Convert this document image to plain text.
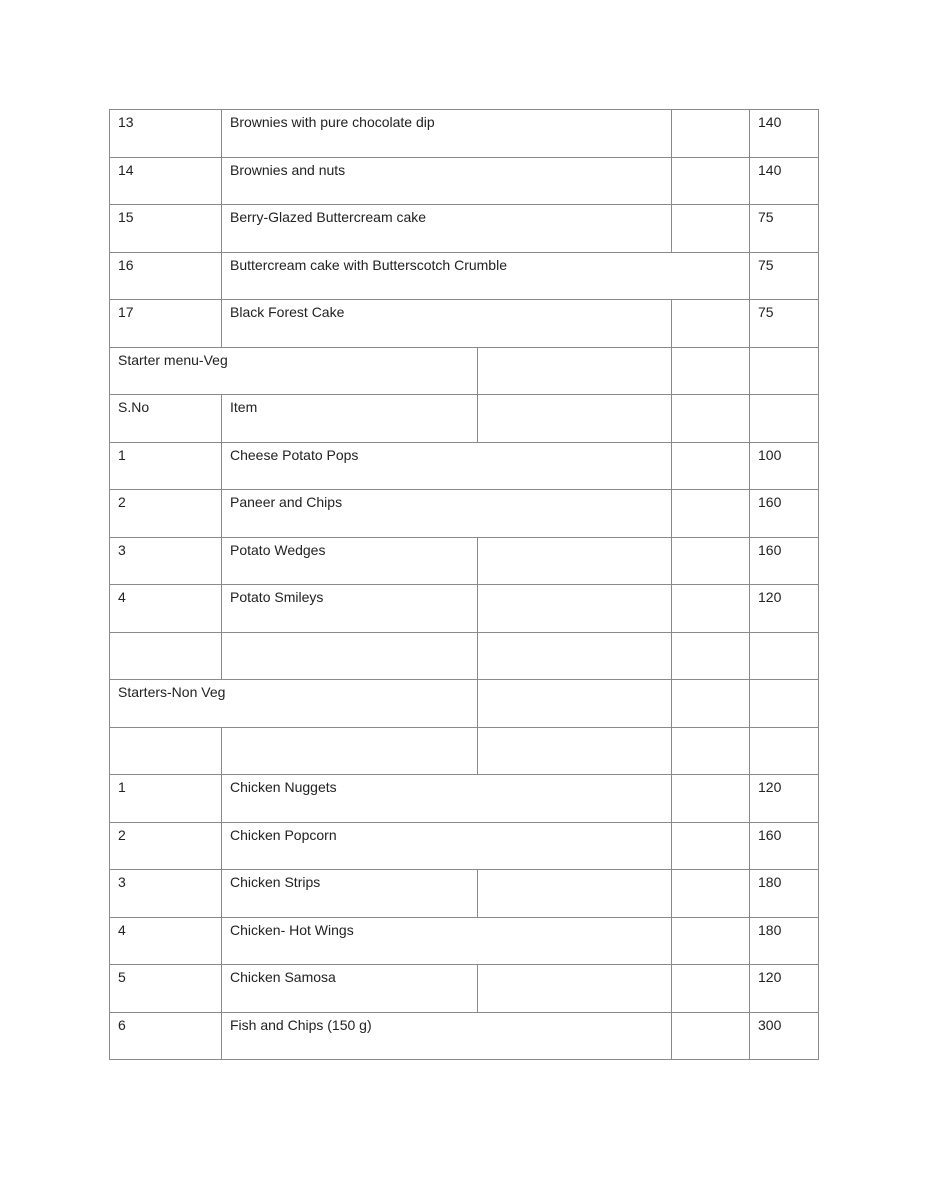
13	Brownies with pure chocolate dip			140
14	Brownies and nuts			140
15	Berry-Glazed Buttercream cake			75
16	Buttercream cake with Butterscotch Crumble			75
17	Black Forest Cake			75
Starter menu-Veg				
S.No	Item			
1	Cheese Potato Pops			100
2	Paneer and Chips			160
3	Potato Wedges			160
4	Potato Smileys			120

Starters-Non Veg				

1	Chicken Nuggets			120
2	Chicken Popcorn			160
3	Chicken Strips			180
4	Chicken- Hot Wings			180
5	Chicken Samosa			120
6	Fish and Chips (150 g)			300
